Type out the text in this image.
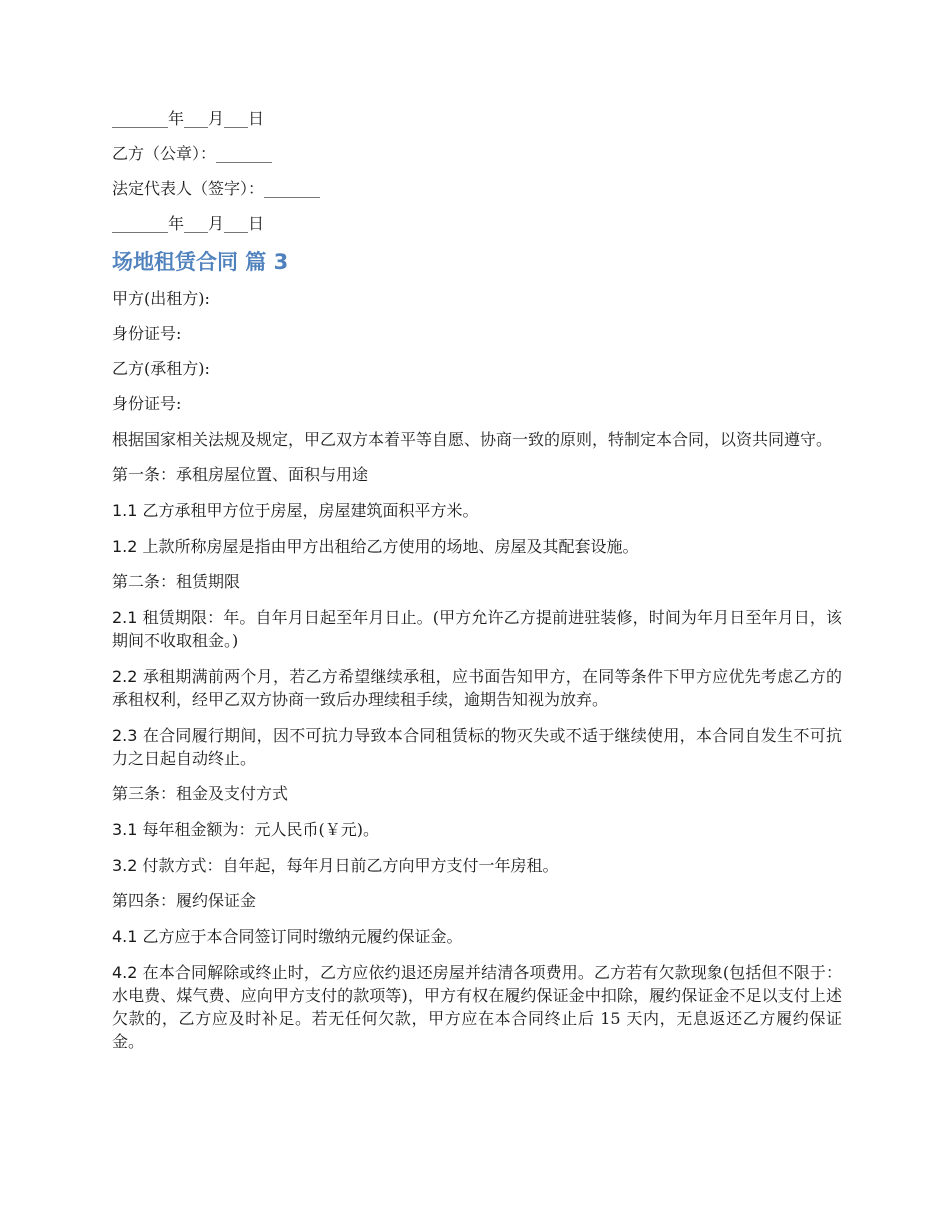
_______年___月___日

乙方（公章）：_______

法定代表人（签字）：_______

_______年___月___日

场地租赁合同 篇 3

甲方(出租方):

身份证号:

乙方(承租方):

身份证号:

根据国家相关法规及规定，甲乙双方本着平等自愿、协商一致的原则，特制定本合同，以资共同遵守。

第一条：承租房屋位置、面积与用途

1.1 乙方承租甲方位于房屋，房屋建筑面积平方米。

1.2 上款所称房屋是指由甲方出租给乙方使用的场地、房屋及其配套设施。

第二条：租赁期限

2.1 租赁期限：年。自年月日起至年月日止。(甲方允许乙方提前进驻装修，时间为年月日至年月日，该期间不收取租金。)

2.2 承租期满前两个月，若乙方希望继续承租，应书面告知甲方，在同等条件下甲方应优先考虑乙方的承租权利，经甲乙双方协商一致后办理续租手续，逾期告知视为放弃。

2.3 在合同履行期间，因不可抗力导致本合同租赁标的物灭失或不适于继续使用，本合同自发生不可抗力之日起自动终止。

第三条：租金及支付方式

3.1 每年租金额为：元人民币(￥元)。

3.2 付款方式：自年起，每年月日前乙方向甲方支付一年房租。

第四条：履约保证金

4.1 乙方应于本合同签订同时缴纳元履约保证金。

4.2 在本合同解除或终止时，乙方应依约退还房屋并结清各项费用。乙方若有欠款现象(包括但不限于：水电费、煤气费、应向甲方支付的款项等)，甲方有权在履约保证金中扣除，履约保证金不足以支付上述欠款的，乙方应及时补足。若无任何欠款，甲方应在本合同终止后 15 天内，无息返还乙方履约保证金。
